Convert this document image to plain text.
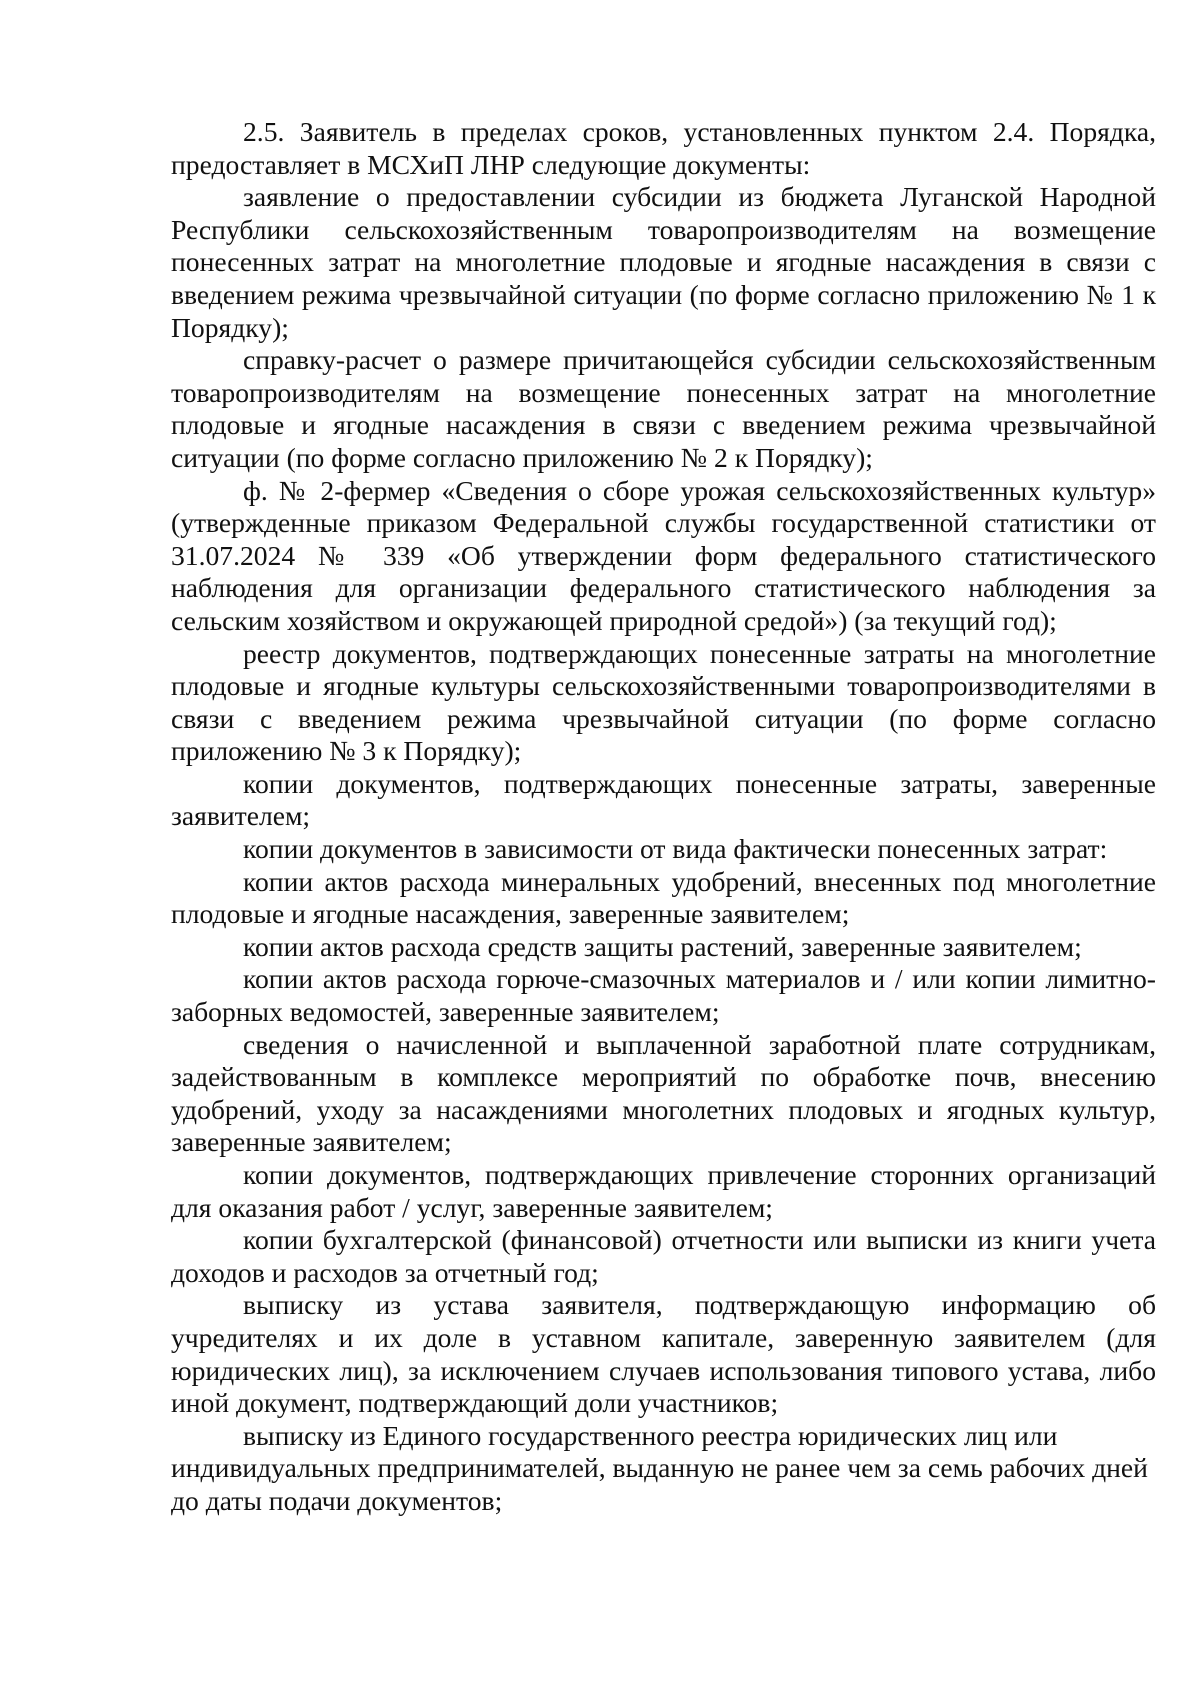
2.5. Заявитель в пределах сроков, установленных пунктом 2.4. Порядка, предоставляет в МСХиП ЛНР следующие документы:

заявление о предоставлении субсидии из бюджета Луганской Народной Республики сельскохозяйственным товаропроизводителям на возмещение понесенных затрат на многолетние плодовые и ягодные насаждения в связи с введением режима чрезвычайной ситуации (по форме согласно приложению № 1 к Порядку);

справку-расчет о размере причитающейся субсидии сельскохозяйственным товаропроизводителям на возмещение понесенных затрат на многолетние плодовые и ягодные насаждения в связи с введением режима чрезвычайной ситуации (по форме согласно приложению № 2 к Порядку);

ф. № 2-фермер «Сведения о сборе урожая сельскохозяйственных культур» (утвержденные приказом Федеральной службы государственной статистики от 31.07.2024 № 339 «Об утверждении форм федерального статистического наблюдения для организации федерального статистического наблюдения за сельским хозяйством и окружающей природной средой») (за текущий год);

реестр документов, подтверждающих понесенные затраты на многолетние плодовые и ягодные культуры сельскохозяйственными товаропроизводителями в связи с введением режима чрезвычайной ситуации (по форме согласно приложению № 3 к Порядку);

копии документов, подтверждающих понесенные затраты, заверенные заявителем;

копии документов в зависимости от вида фактически понесенных затрат:

копии актов расхода минеральных удобрений, внесенных под многолетние плодовые и ягодные насаждения, заверенные заявителем;

копии актов расхода средств защиты растений, заверенные заявителем;

копии актов расхода горюче-смазочных материалов и / или копии лимитно-заборных ведомостей, заверенные заявителем;

сведения о начисленной и выплаченной заработной плате сотрудникам, задействованным в комплексе мероприятий по обработке почв, внесению удобрений, уходу за насаждениями многолетних плодовых и ягодных культур, заверенные заявителем;

копии документов, подтверждающих привлечение сторонних организаций для оказания работ / услуг, заверенные заявителем;

копии бухгалтерской (финансовой) отчетности или выписки из книги учета доходов и расходов за отчетный год;

выписку из устава заявителя, подтверждающую информацию об учредителях и их доле в уставном капитале, заверенную заявителем (для юридических лиц), за исключением случаев использования типового устава, либо иной документ, подтверждающий доли участников;

выписку из Единого государственного реестра юридических лиц или индивидуальных предпринимателей, выданную не ранее чем за семь рабочих дней до даты подачи документов;
